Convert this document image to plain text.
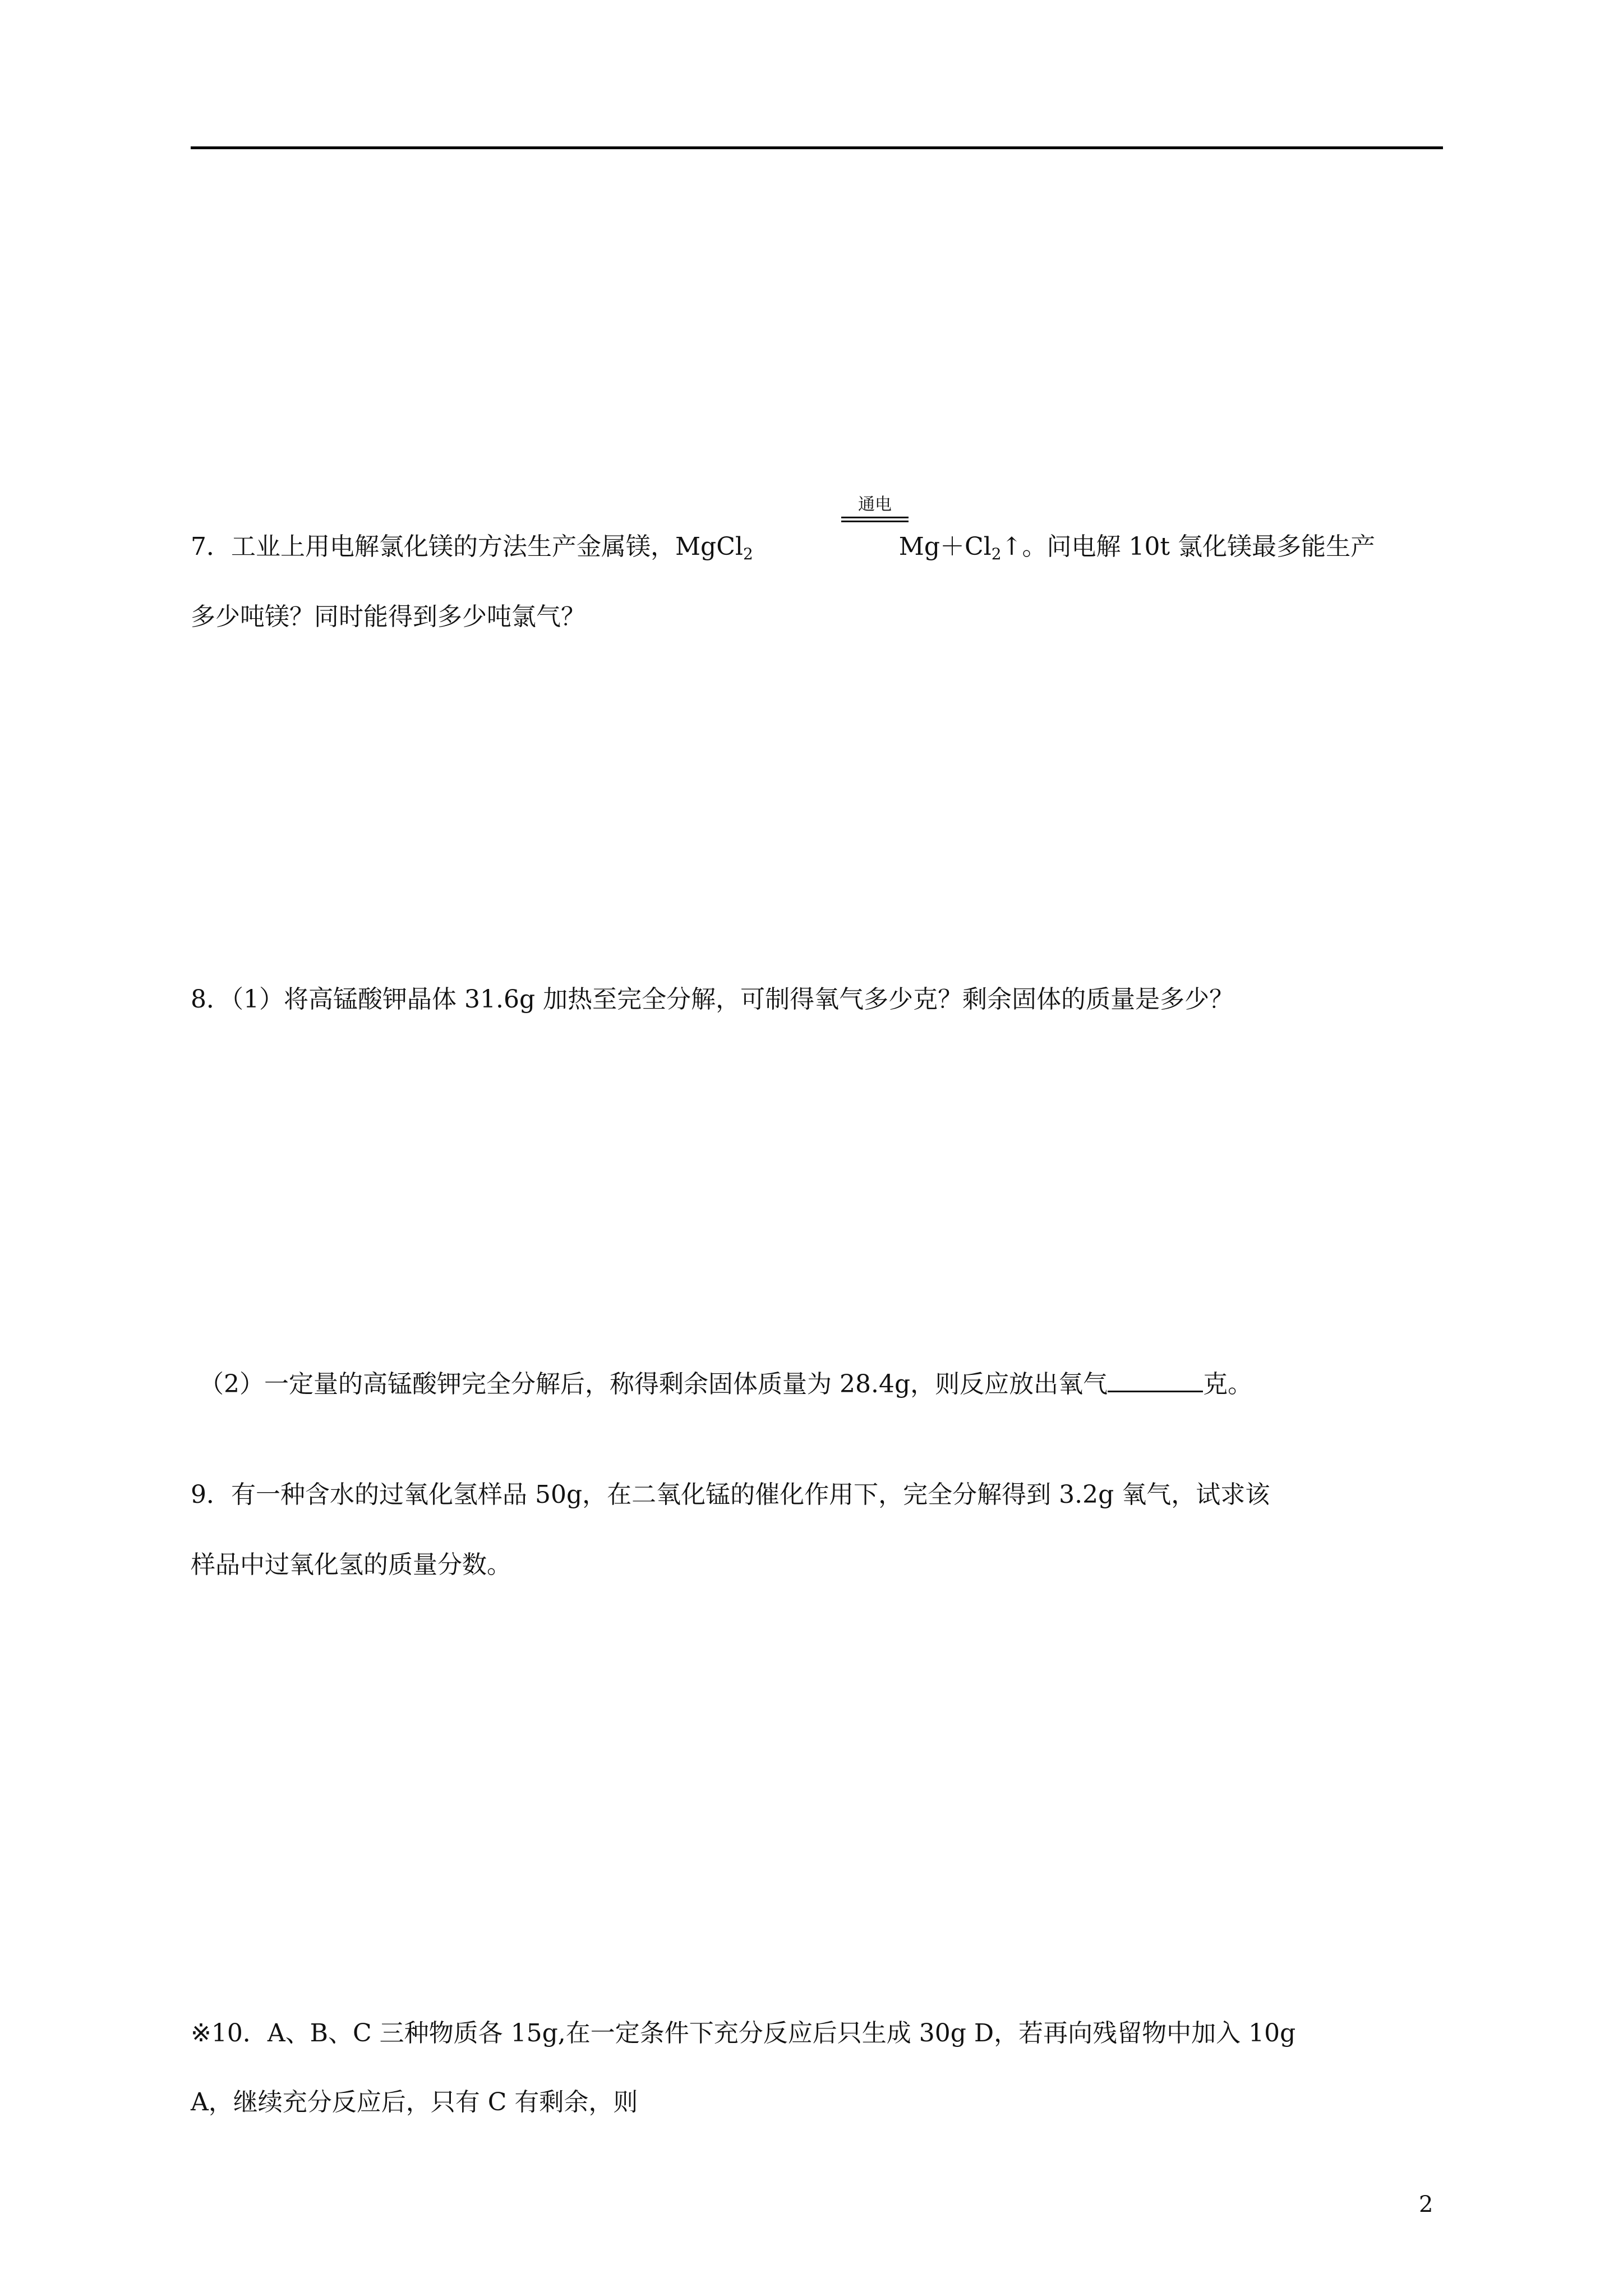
通电
7．工业上用电解氯化镁的方法生产金属镁，MgCl$_2$	$Mg+Cl_2↑$。问电解 10t 氯化镁最多能生产
多少吨镁？同时能得到多少吨氯气？
8．（1）将高锰酸钾晶体 31.6g 加热至完全分解，可制得氧气多少克？剩余固体的质量是多少？
（2）一定量的高锰酸钾完全分解后，称得剩余固体质量为 28.4g，则反应放出氧气	克。
9．有一种含水的过氧化氢样品 50g，在二氧化锰的催化作用下，完全分解得到 3.2g 氧气，试求该
样品中过氧化氢的质量分数。
※10．A、B、C 三种物质各 15g,在一定条件下充分反应后只生成 30g D，若再向残留物中加入 10g
A，继续充分反应后，只有 C 有剩余，则
2
